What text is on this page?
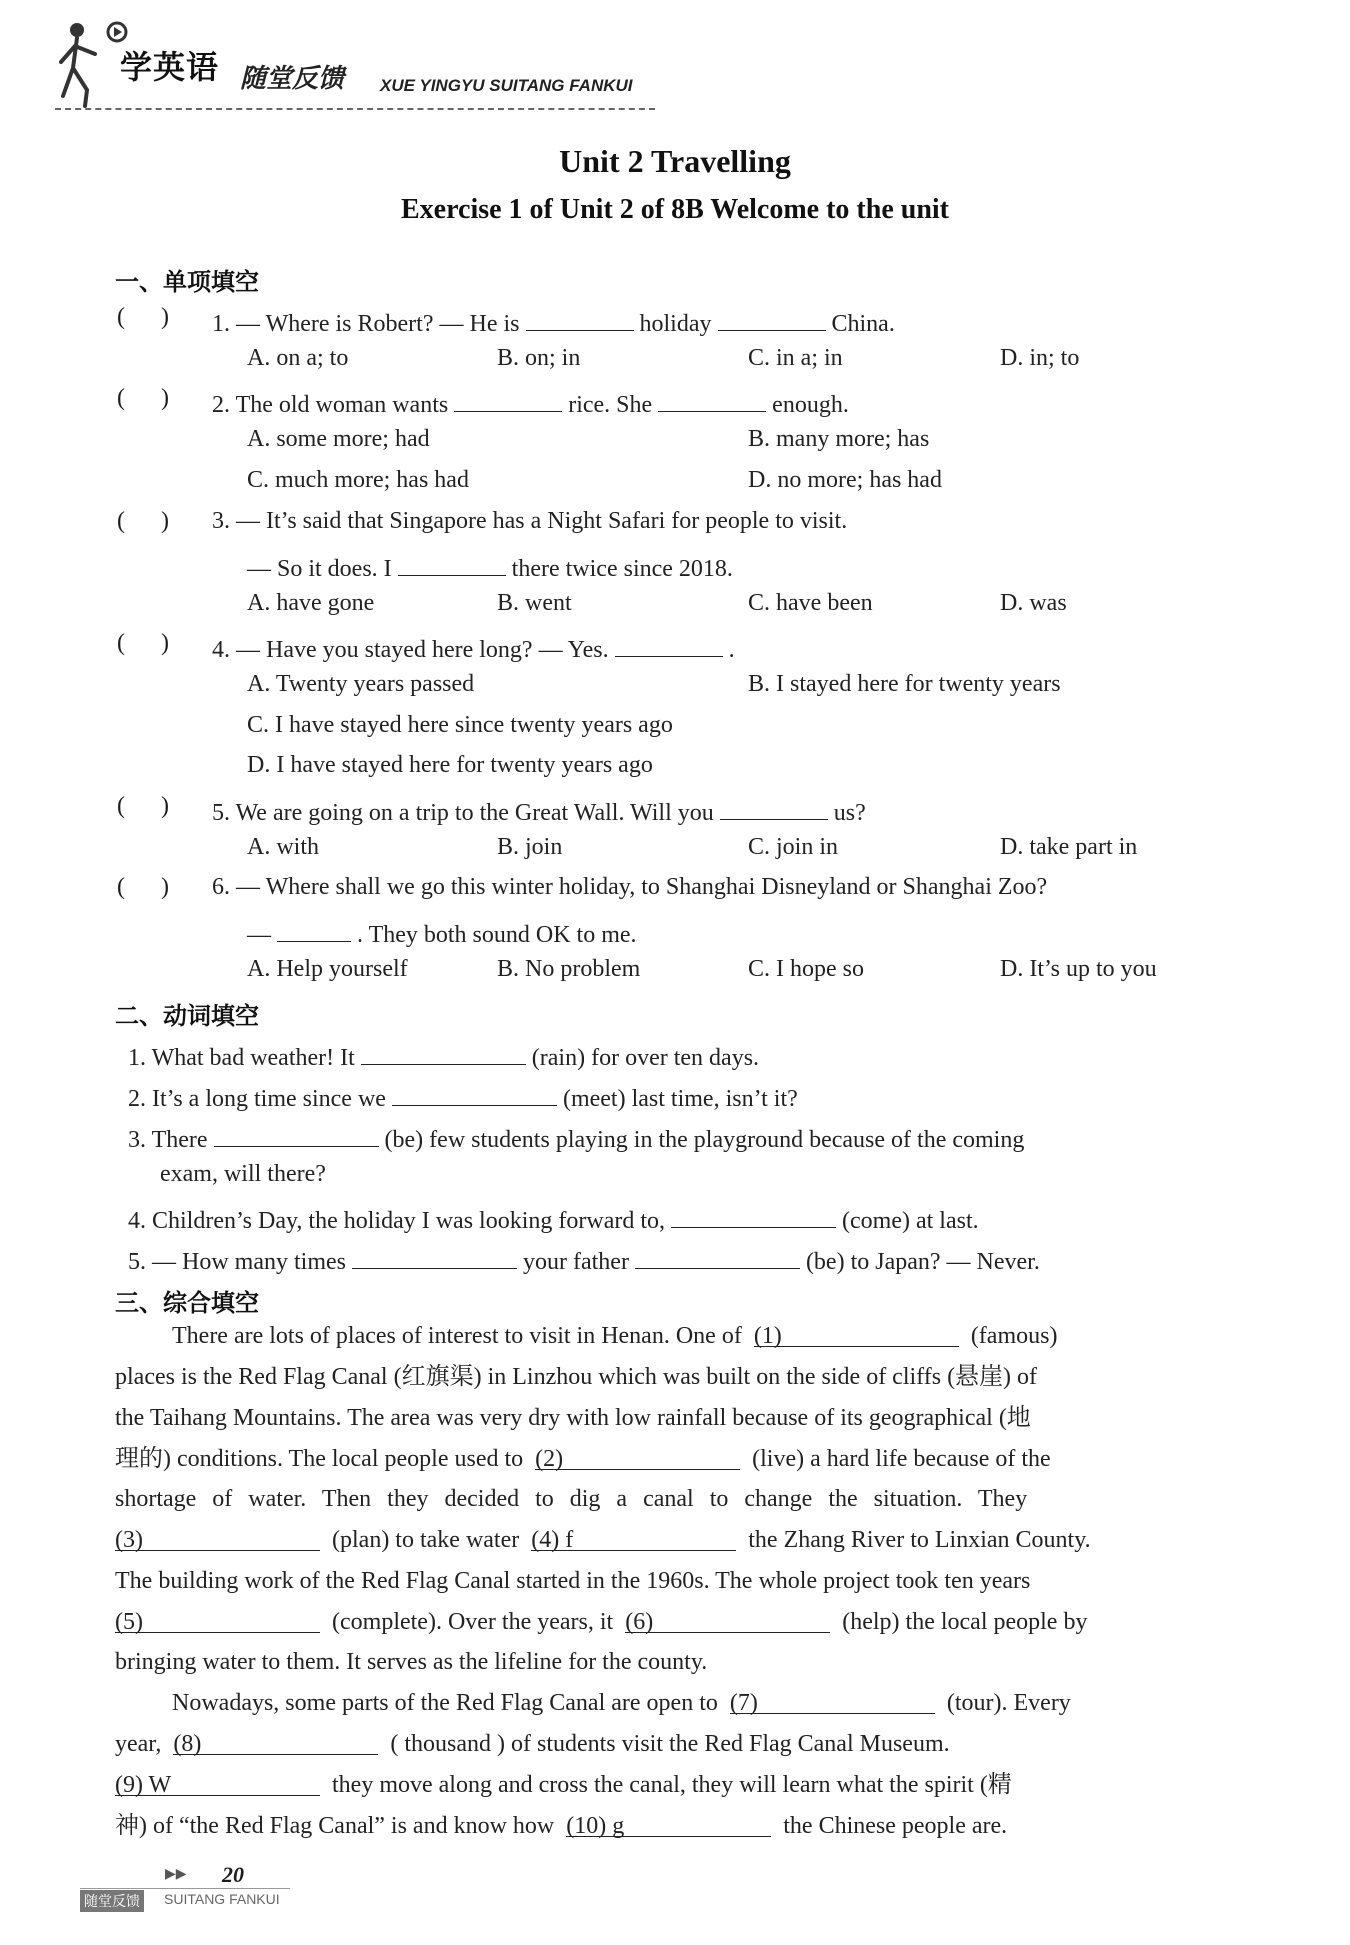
学英语 随堂反馈 XUE YINGYU SUITANG FANKUI
Unit 2 Travelling
Exercise 1 of Unit 2 of 8B Welcome to the unit
一、单项填空
(      ) 1. — Where is Robert? — He is	holiday	China.
A. on a; to	B. on; in	C. in a; in	D. in; to
(      ) 2. The old woman wants	rice. She	enough.
A. some more; had	B. many more; has
C. much more; has had	D. no more; has had
(      ) 3. — It’s said that Singapore has a Night Safari for people to visit.
— So it does. I	there twice since 2018.
A. have gone	B. went	C. have been	D. was
(      ) 4. — Have you stayed here long? — Yes.	.
A. Twenty years passed	B. I stayed here for twenty years
C. I have stayed here since twenty years ago
D. I have stayed here for twenty years ago
(      ) 5. We are going on a trip to the Great Wall. Will you	us?
A. with	B. join	C. join in	D. take part in
(      ) 6. — Where shall we go this winter holiday, to Shanghai Disneyland or Shanghai Zoo?
—	. They both sound OK to me.
A. Help yourself	B. No problem	C. I hope so	D. It’s up to you
二、动词填空
1. What bad weather! It	(rain) for over ten days.
2. It’s a long time since we	(meet) last time, isn’t it?
3. There	(be) few students playing in the playground because of the coming
exam, will there?
4. Children’s Day, the holiday I was looking forward to,	(come) at last.
5. — How many times	your father	(be) to Japan? — Never.
三、综合填空
There are lots of places of interest to visit in Henan. One of (1)	(famous)
places is the Red Flag Canal (红旗渠) in Linzhou which was built on the side of cliffs (悬崖) of
the Taihang Mountains. The area was very dry with low rainfall because of its geographical (地
理的) conditions. The local people used to (2)	(live) a hard life because of the
shortage of water. Then they decided to dig a canal to change the situation. They
(3)	(plan) to take water (4) f	the Zhang River to Linxian County.
The building work of the Red Flag Canal started in the 1960s. The whole project took ten years
(5)	(complete). Over the years, it (6)	(help) the local people by
bringing water to them. It serves as the lifeline for the county.
Nowadays, some parts of the Red Flag Canal are open to (7)	(tour). Every
year, (8)	( thousand ) of students visit the Red Flag Canal Museum.
(9) W	they move along and cross the canal, they will learn what the spirit (精
神) of “the Red Flag Canal” is and know how (10) g	the Chinese people are.
▶▶ 20
随堂反馈 SUITANG FANKUI
